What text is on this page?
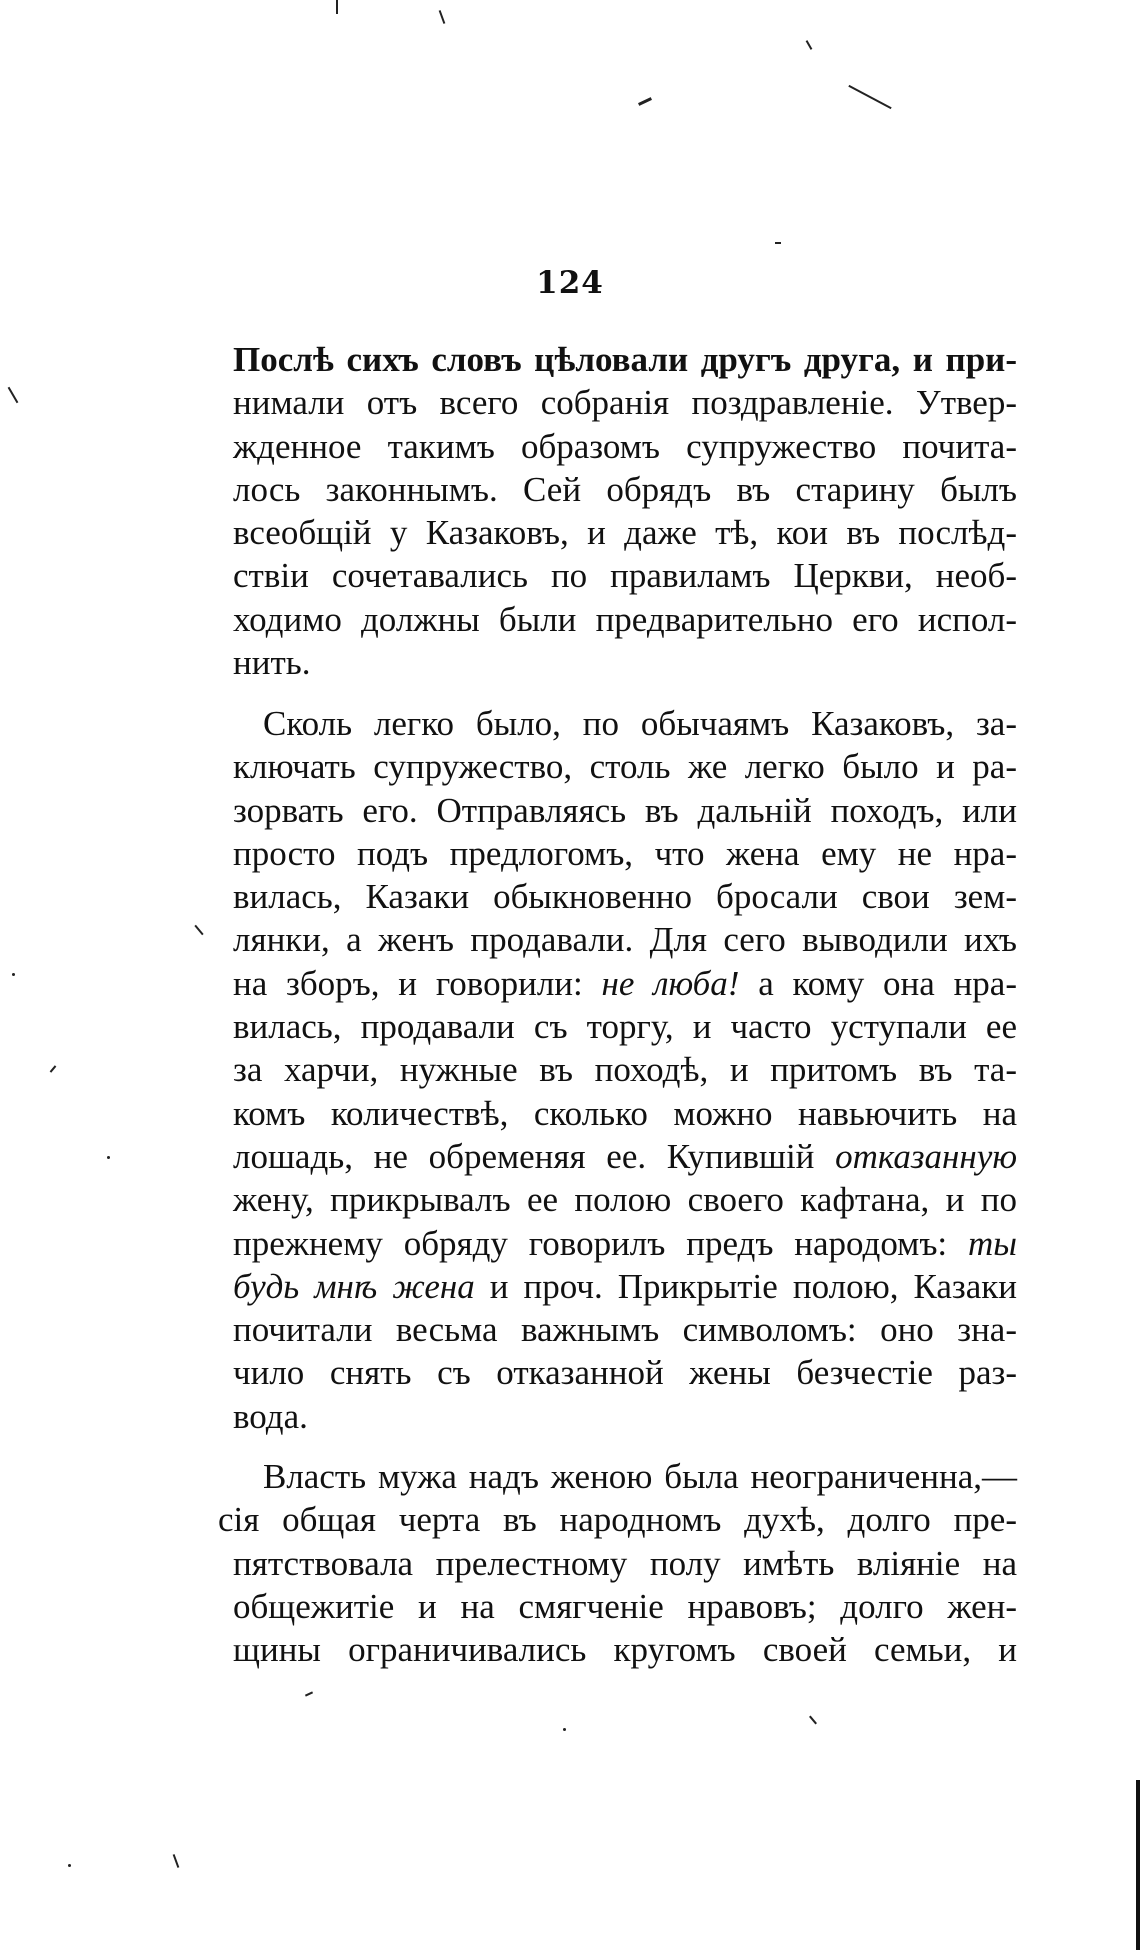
124
Послѣ сихъ словъ цѣловали другъ друга, и при-
нимали отъ всего собранія поздравленіе. Утвер-
жденное такимъ образомъ супружество почита-
лось законнымъ. Сей обрядъ въ старину былъ
всеобщій у Казаковъ, и даже тѣ, кои въ послѣд-
ствіи сочетавались по правиламъ Церкви, необ-
ходимо должны были предварительно его испол-
нить.
Сколь легко было, по обычаямъ Казаковъ, за-
ключать супружество, столь же легко было и ра-
зорвать его. Отправляясь въ дальній походъ, или
просто подъ предлогомъ, что жена ему не нра-
вилась, Казаки обыкновенно бросали свои зем-
лянки, а женъ продавали. Для сего выводили ихъ
на зборъ, и говорили: не люба! а кому она нра-
вилась, продавали съ торгу, и часто уступали ее
за харчи, нужные въ походѣ, и притомъ въ та-
комъ количествѣ, сколько можно навьючить на
лошадь, не обременяя ее. Купившій отказанную
жену, прикрывалъ ее полою своего кафтана, и по
прежнему обряду говорилъ предъ народомъ: ты
будь мнѣ жена и проч. Прикрытіе полою, Казаки
почитали весьма важнымъ символомъ: оно зна-
чило снять съ отказанной жены безчестіе раз-
вода.
Власть мужа надъ женою была неограниченна,—
сія общая черта въ народномъ духѣ, долго пре-
пятствовала прелестному полу имѣть вліяніе на
общежитіе и на смягченіе нравовъ; долго жен-
щины ограничивались кругомъ своей семьи, и
